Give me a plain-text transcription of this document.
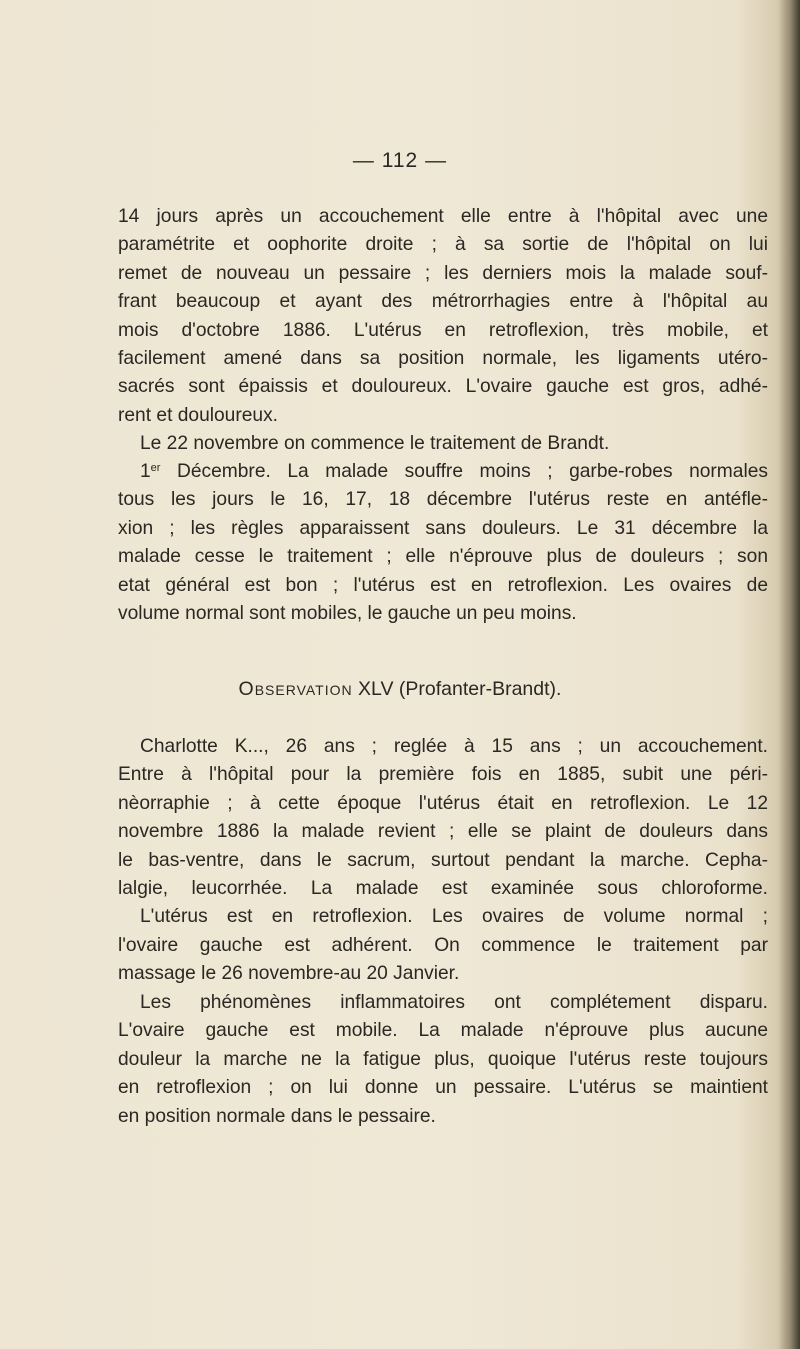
— 112 —
14 jours après un accouchement elle entre à l'hôpital avec une
paramétrite et oophorite droite ; à sa sortie de l'hôpital on lui
remet de nouveau un pessaire ; les derniers mois la malade souf-
frant beaucoup et ayant des métrorrhagies entre à l'hôpital au
mois d'octobre 1886. L'utérus en retroflexion, très mobile, et
facilement amené dans sa position normale, les ligaments utéro-
sacrés sont épaissis et douloureux. L'ovaire gauche est gros, adhé-
rent et douloureux.
Le 22 novembre on commence le traitement de Brandt.
1er Décembre. La malade souffre moins ; garbe-robes normales
tous les jours le 16, 17, 18 décembre l'utérus reste en antéfle-
xion ; les règles apparaissent sans douleurs. Le 31 décembre la
malade cesse le traitement ; elle n'éprouve plus de douleurs ; son
etat général est bon ; l'utérus est en retroflexion. Les ovaires de
volume normal sont mobiles, le gauche un peu moins.
Observation XLV (Profanter-Brandt).
Charlotte K..., 26 ans ; reglée à 15 ans ; un accouchement.
Entre à l'hôpital pour la première fois en 1885, subit une péri-
nèorraphie ; à cette époque l'utérus était en retroflexion. Le 12
novembre 1886 la malade revient ; elle se plaint de douleurs dans
le bas-ventre, dans le sacrum, surtout pendant la marche. Cepha-
lalgie, leucorrhée. La malade est examinée sous chloroforme.
L'utérus est en retroflexion. Les ovaires de volume normal ;
l'ovaire gauche est adhérent. On commence le traitement par
massage le 26 novembre-au 20 Janvier.
Les phénomènes inflammatoires ont complétement disparu.
L'ovaire gauche est mobile. La malade n'éprouve plus aucune
douleur la marche ne la fatigue plus, quoique l'utérus reste toujours
en retroflexion ; on lui donne un pessaire. L'utérus se maintient
en position normale dans le pessaire.
